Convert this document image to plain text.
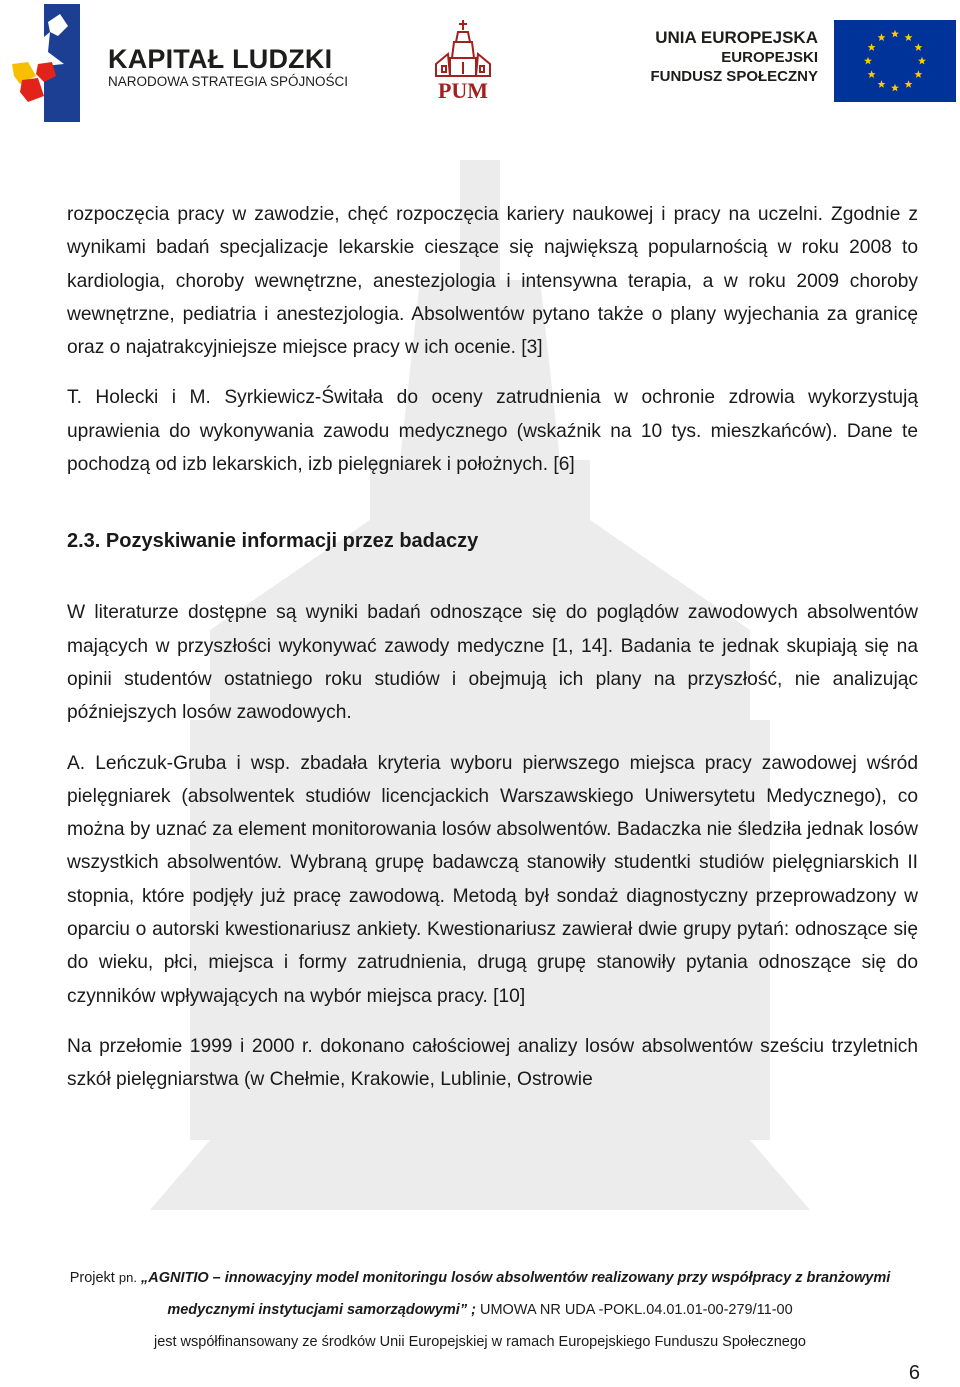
KAPITAŁ LUDZKI
NARODOWA STRATEGIA SPÓJNOŚCI	PUM
UNIA EUROPEJSKA
EUROPEJSKI
FUNDUSZ SPOŁECZNY

rozpoczęcia pracy w zawodzie, chęć rozpoczęcia kariery naukowej i pracy na uczelni. Zgodnie z wynikami badań specjalizacje lekarskie cieszące się największą popularnością w roku 2008 to kardiologia, choroby wewnętrzne, anestezjologia i intensywna terapia, a w roku 2009 choroby wewnętrzne, pediatria i anestezjologia. Absolwentów pytano także o plany wyjechania za granicę oraz o najatrakcyjniejsze miejsce pracy w ich ocenie. [3]

T. Holecki i M. Syrkiewicz-Świtała do oceny zatrudnienia w ochronie zdrowia wykorzystują uprawienia do wykonywania zawodu medycznego (wskaźnik na 10 tys. mieszkańców). Dane te pochodzą od izb lekarskich, izb pielęgniarek i położnych. [6]

2.3. Pozyskiwanie informacji przez badaczy

W literaturze dostępne są wyniki badań odnoszące się do poglądów zawodowych absolwentów mających w przyszłości wykonywać zawody medyczne [1, 14]. Badania te jednak skupiają się na opinii studentów ostatniego roku studiów i obejmują ich plany na przyszłość, nie analizując późniejszych losów zawodowych.

A. Leńczuk-Gruba i wsp. zbadała kryteria wyboru pierwszego miejsca pracy zawodowej wśród pielęgniarek (absolwentek studiów licencjackich Warszawskiego Uniwersytetu Medycznego), co można by uznać za element monitorowania losów absolwentów. Badaczka nie śledziła jednak losów wszystkich absolwentów. Wybraną grupę badawczą stanowiły studentki studiów pielęgniarskich II stopnia, które podjęły już pracę zawodową. Metodą był sondaż diagnostyczny przeprowadzony w oparciu o autorski kwestionariusz ankiety. Kwestionariusz zawierał dwie grupy pytań: odnoszące się do wieku, płci, miejsca i formy zatrudnienia, drugą grupę stanowiły pytania odnoszące się do czynników wpływających na wybór miejsca pracy. [10]

Na przełomie 1999 i 2000 r. dokonano całościowej analizy losów absolwentów sześciu trzyletnich szkół pielęgniarstwa (w Chełmie, Krakowie, Lublinie, Ostrowie

Projekt pn. „AGNITIO – innowacyjny model monitoringu losów absolwentów realizowany przy współpracy z branżowymi
medycznymi instytucjami samorządowymi” ; UMOWA NR UDA -POKL.04.01.01-00-279/11-00
jest współfinansowany ze środków Unii Europejskiej w ramach Europejskiego Funduszu Społecznego
6
